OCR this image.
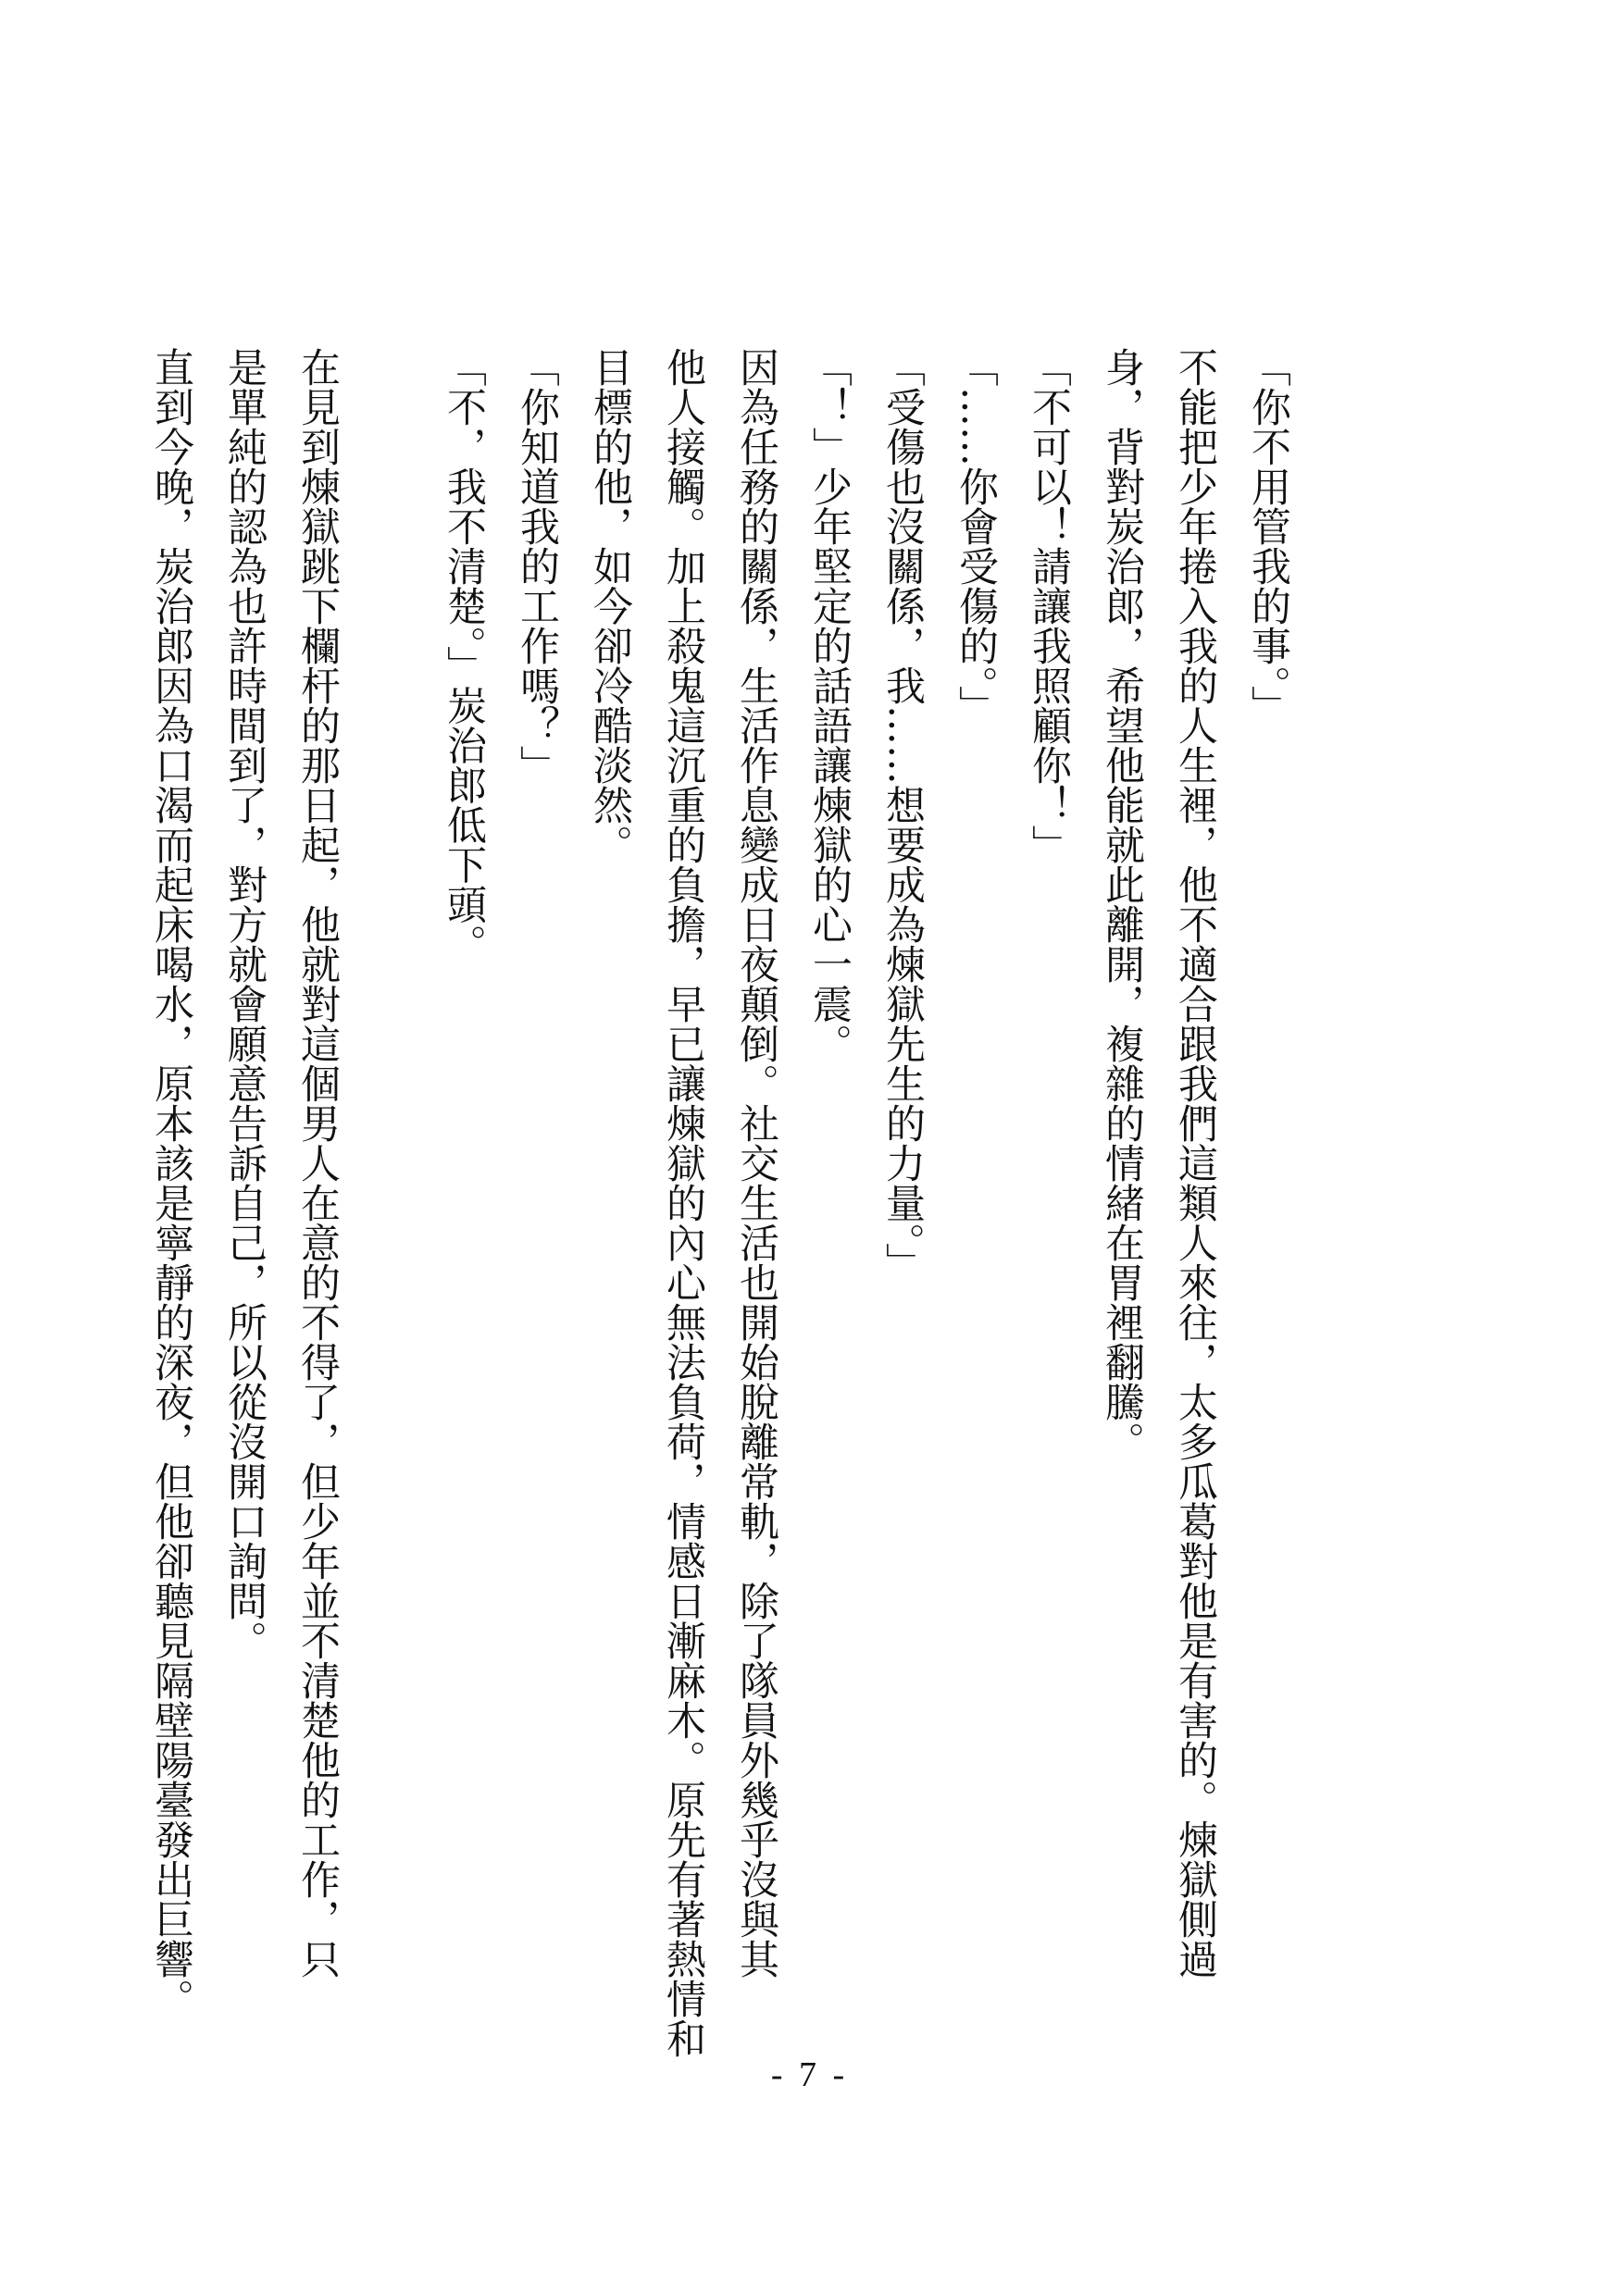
「你不用管我的事。」

不能把少年捲入我的人生裡，他不適合跟我們這類人來往，太多瓜葛對他是有害的。煉獄側過

身，背對炭治郎，希望他能就此離開，複雜的情緒在胃裡翻騰。

「不可以！請讓我照顧你！」

「……你會受傷的。」

「受傷也沒關係，我……想要成為煉獄先生的力量。」

「！」少年堅定的話語讓煉獄的心一震。

因為任務的關係，生活作息變成日夜顛倒。社交生活也開始脫離常軌，除了隊員外幾乎沒與其

他人接觸。加上殺鬼這沉重的負擔，早已讓煉獄的內心無法負荷，情感日漸麻木。原先有著熱情和

目標的他，如今卻冷酷淡然。

「你知道我的工作嗎？」

「不，我不清楚。」炭治郎低下頭。

在見到煉獄跳下欄杆的那日起，他就對這個男人在意的不得了，但少年並不清楚他的工作，只

是單純的認為也許時間到了，對方就會願意告訴自己，所以從沒開口詢問。

直到今晚，炭治郎因為口渴而起床喝水，原本該是寧靜的深夜，但他卻聽見隔壁陽臺發出巨響。

- 7 -
